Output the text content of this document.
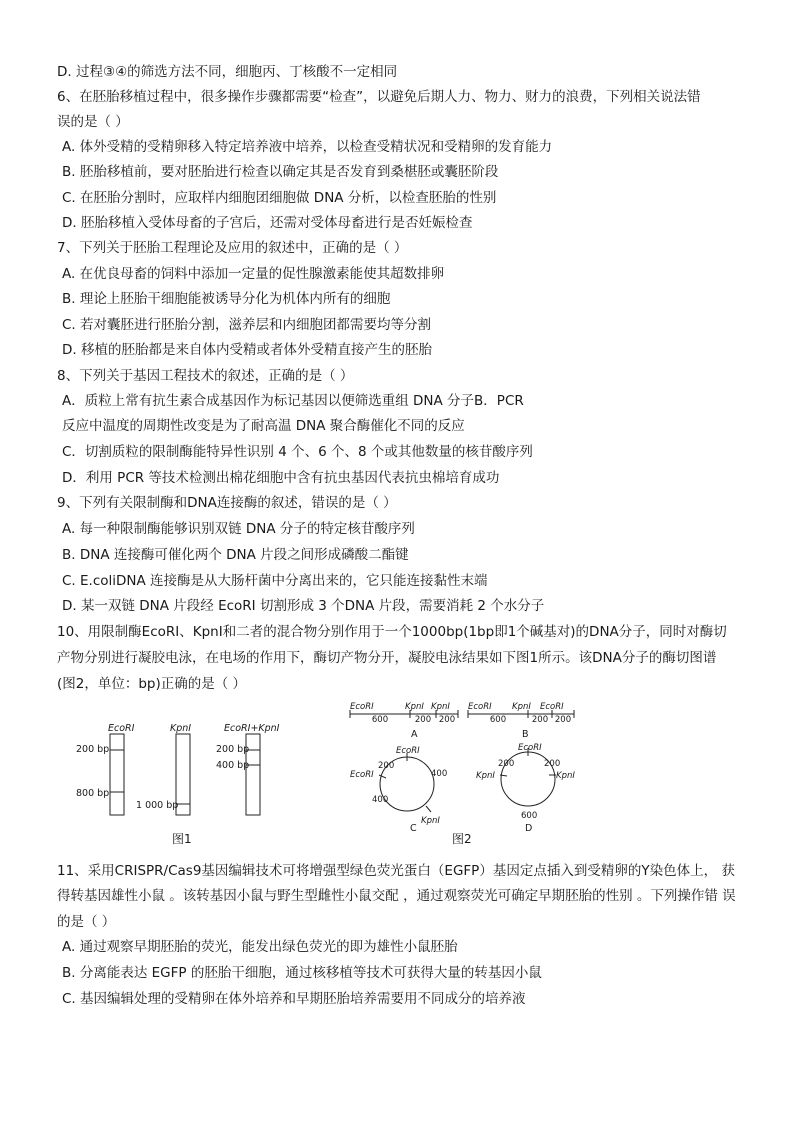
D. 过程③④的筛选方法不同，细胞丙、丁核酸不一定相同
6、在胚胎移植过程中，很多操作步骤都需要“检查”，以避免后期人力、物力、财力的浪费，下列相关说法错
误的是（ ）
A. 体外受精的受精卵移入特定培养液中培养，以检查受精状况和受精卵的发育能力
B. 胚胎移植前，要对胚胎进行检查以确定其是否发育到桑椹胚或囊胚阶段
C. 在胚胎分割时，应取样内细胞团细胞做 DNA 分析，以检查胚胎的性别
D. 胚胎移植入受体母畜的子宫后，还需对受体母畜进行是否妊娠检查
7、下列关于胚胎工程理论及应用的叙述中，正确的是（ ）
A. 在优良母畜的饲料中添加一定量的促性腺激素能使其超数排卵
B. 理论上胚胎干细胞能被诱导分化为机体内所有的细胞
C. 若对囊胚进行胚胎分割，滋养层和内细胞团都需要均等分割
D. 移植的胚胎都是来自体内受精或者体外受精直接产生的胚胎
8、下列关于基因工程技术的叙述，正确的是（ ）
A．质粒上常有抗生素合成基因作为标记基因以便筛选重组 DNA 分子B．PCR
反应中温度的周期性改变是为了耐高温 DNA 聚合酶催化不同的反应
C．切割质粒的限制酶能特异性识别 4 个、6 个、8 个或其他数量的核苷酸序列
D．利用 PCR 等技术检测出棉花细胞中含有抗虫基因代表抗虫棉培育成功
9、下列有关限制酶和DNA连接酶的叙述，错误的是（ ）
A. 每一种限制酶能够识别双链 DNA 分子的特定核苷酸序列
B. DNA 连接酶可催化两个 DNA 片段之间形成磷酸二酯键
C. E.coliDNA 连接酶是从大肠杆菌中分离出来的，它只能连接黏性末端
D. 某一双链 DNA 片段经 EcoRI 切割形成 3 个DNA 片段，需要消耗 2 个水分子
10、用限制酶EcoRⅠ、KpnⅠ和二者的混合物分别作用于一个1000bp(1bp即1个碱基对)的DNA分子，同时对酶切
产物分别进行凝胶电泳，在电场的作用下，酶切产物分开，凝胶电泳结果如下图1所示。该DNA分子的酶切图谱
(图2，单位：bp)正确的是（ ）
11、采用CRISPR/Cas9基因编辑技术可将增强型绿色荧光蛋白（EGFP）基因定点插入到受精卵的Y染色体上， 获
得转基因雄性小鼠 。该转基因小鼠与野生型雌性小鼠交配 ，通过观察荧光可确定早期胚胎的性别 。下列操作错 误
的是（ ）
A. 通过观察早期胚胎的荧光，能发出绿色荧光的即为雄性小鼠胚胎
B. 分离能表达 EGFP 的胚胎干细胞，通过核移植等技术可获得大量的转基因小鼠
C. 基因编辑处理的受精卵在体外培养和早期胚胎培养需要用不同成分的培养液
EcoRⅠ	KpnⅠ	EcoRⅠ+KpnⅠ
200 bp
800 bp
1 000 bp
200 bp
400 bp
图1
EcoRⅠ	KpnⅠ KpnⅠ
600	200 200
A
EcoRⅠ KpnⅠ EcoRⅠ
600	200 200
B
EcoRⅠ
EcoRⅠ
KpnⅠ
200
400
400
C
EcoRⅠ
KpnⅠ	KpnⅠ
200	200
600
D
图2
